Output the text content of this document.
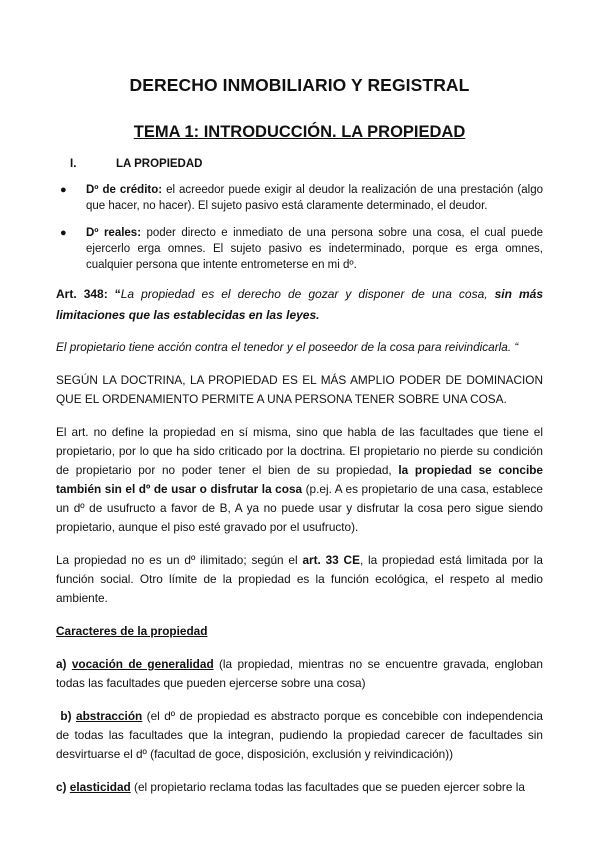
DERECHO INMOBILIARIO Y REGISTRAL
TEMA 1: INTRODUCCIÓN. LA PROPIEDAD
I.	LA PROPIEDAD
●	Dº de crédito: el acreedor puede exigir al deudor la realización de una prestación (algo que hacer, no hacer). El sujeto pasivo está claramente determinado, el deudor.
●	Dº reales: poder directo e inmediato de una persona sobre una cosa, el cual puede ejercerlo erga omnes. El sujeto pasivo es indeterminado, porque es erga omnes, cualquier persona que intente entrometerse en mi dº.

Art. 348: “La propiedad es el derecho de gozar y disponer de una cosa, sin más limitaciones que las establecidas en las leyes.

El propietario tiene acción contra el tenedor y el poseedor de la cosa para reivindicarla. “

SEGÚN LA DOCTRINA, LA PROPIEDAD ES EL MÁS AMPLIO PODER DE DOMINACION QUE EL ORDENAMIENTO PERMITE A UNA PERSONA TENER SOBRE UNA COSA.

El art. no define la propiedad en sí misma, sino que habla de las facultades que tiene el propietario, por lo que ha sido criticado por la doctrina. El propietario no pierde su condición de propietario por no poder tener el bien de su propiedad, la propiedad se concibe también sin el dº de usar o disfrutar la cosa (p.ej. A es propietario de una casa, establece un dº de usufructo a favor de B, A ya no puede usar y disfrutar la cosa pero sigue siendo propietario, aunque el piso esté gravado por el usufructo).

La propiedad no es un dº ilimitado; según el art. 33 CE, la propiedad está limitada por la función social. Otro límite de la propiedad es la función ecológica, el respeto al medio ambiente.

Caracteres de la propiedad

a) vocación de generalidad (la propiedad, mientras no se encuentre gravada, engloban todas las facultades que pueden ejercerse sobre una cosa)

b) abstracción (el dº de propiedad es abstracto porque es concebible con independencia de todas las facultades que la integran, pudiendo la propiedad carecer de facultades sin desvirtuarse el dº (facultad de goce, disposición, exclusión y reivindicación))

c) elasticidad (el propietario reclama todas las facultades que se pueden ejercer sobre la
